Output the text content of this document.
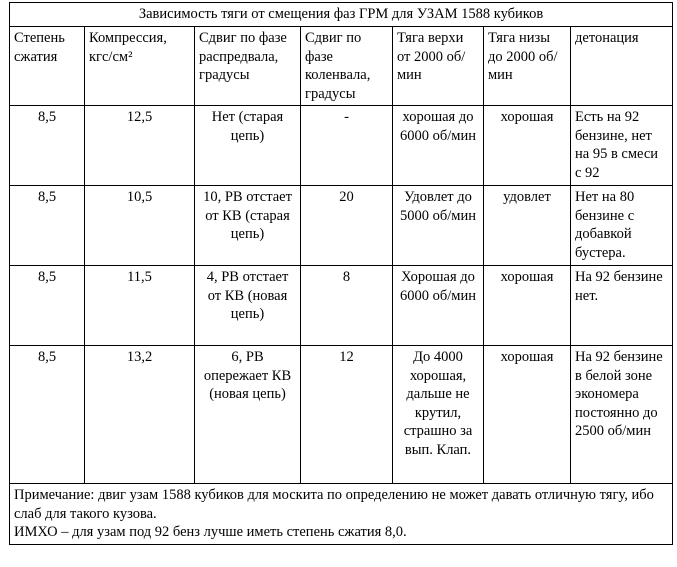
Зависимость тяги от смещения фаз ГРМ для УЗАМ 1588 кубиков						
Степень сжатия	Компрессия, кгс/см²	Сдвиг по фазе распредвала, градусы	Сдвиг по фазе коленвала, градусы	Тяга верхи от 2000 об/мин	Тяга низы до 2000 об/мин	детонация
8,5	12,5	Нет (старая цепь)	-	хорошая до 6000 об/мин	хорошая	Есть на 92 бензине, нет на 95 в смеси с 92
8,5	10,5	10, РВ отстает от КВ (старая цепь)	20	Удовлет до 5000 об/мин	удовлет	Нет на 80 бензине с добавкой бустера.
8,5	11,5	4, РВ отстает от КВ (новая цепь)	8	Хорошая до 6000 об/мин	хорошая	На 92 бензине нет.
8,5	13,2	6, РВ опережает КВ (новая цепь)	12	До 4000 хорошая, дальше не крутил, страшно за вып. Клап.	хорошая	На 92 бензине в белой зоне экономера постоянно до 2500 об/мин

Примечание: двиг узам 1588 кубиков для москита по определению не может давать отличную тягу, ибо слаб для такого кузова.
ИМХО – для узам под 92 бенз лучше иметь степень сжатия 8,0.						
